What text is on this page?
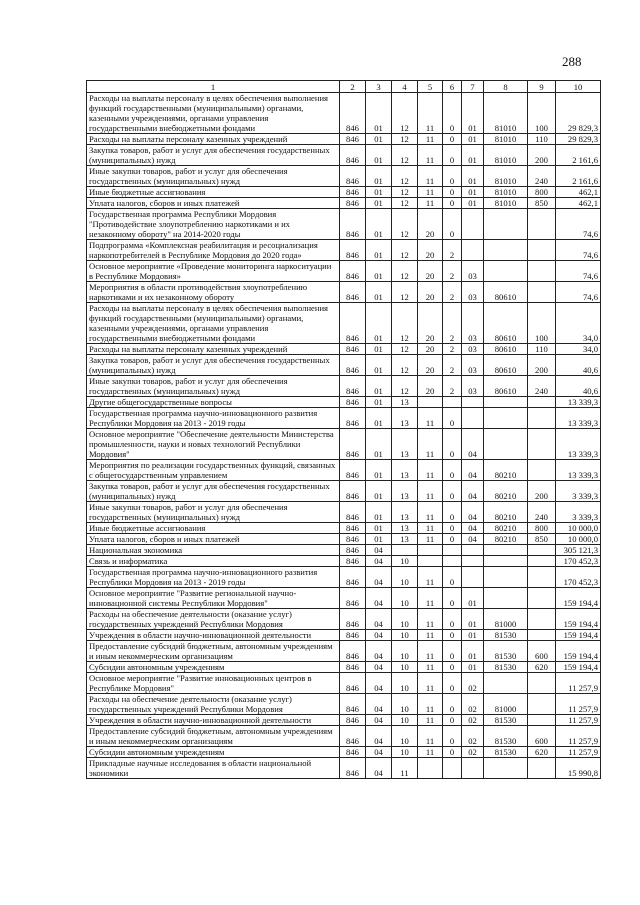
288
1	2	3	4	5	6	7	8	9	10
Расходы на выплаты персоналу в целях обеспечения выполнения функций государственными (муниципальными) органами, казенными учреждениями, органами управления государственными внебюджетными фондами	846	01	12	11	0	01	81010	100	29 829,3
Расходы на выплаты персоналу казенных учреждений	846	01	12	11	0	01	81010	110	29 829,3
Закупка товаров, работ и услуг для обеспечения государственных (муниципальных) нужд	846	01	12	11	0	01	81010	200	2 161,6
Иные закупки товаров, работ и услуг для обеспечения государственных (муниципальных) нужд	846	01	12	11	0	01	81010	240	2 161,6
Иные бюджетные ассигнования	846	01	12	11	0	01	81010	800	462,1
Уплата налогов, сборов и иных платежей	846	01	12	11	0	01	81010	850	462,1
Государственная программа Республики Мордовия "Противодействие злоупотреблению наркотиками и их незаконному обороту" на 2014-2020 годы	846	01	12	20	0				74,6
Подпрограмма «Комплексная реабилитация и ресоциализация наркопотребителей в Республике Мордовия до 2020 года»	846	01	12	20	2				74,6
Основное мероприятие «Проведение мониторинга наркоситуации в Республике Мордовия»	846	01	12	20	2	03			74,6
Мероприятия в области противодействия злоупотреблению наркотиками и их незаконному обороту	846	01	12	20	2	03	80610		74,6
Расходы на выплаты персоналу в целях обеспечения выполнения функций государственными (муниципальными) органами, казенными учреждениями, органами управления государственными внебюджетными фондами	846	01	12	20	2	03	80610	100	34,0
Расходы на выплаты персоналу казенных учреждений	846	01	12	20	2	03	80610	110	34,0
Закупка товаров, работ и услуг для обеспечения государственных (муниципальных) нужд	846	01	12	20	2	03	80610	200	40,6
Иные закупки товаров, работ и услуг для обеспечения государственных (муниципальных) нужд	846	01	12	20	2	03	80610	240	40,6
Другие общегосударственные вопросы	846	01	13						13 339,3
Государственная программа научно-инновационного развития Республики Мордовия на 2013 - 2019 годы	846	01	13	11	0				13 339,3
Основное мероприятие "Обеспечение деятельности Министерства промышленности, науки и новых технологий Республики Мордовия"	846	01	13	11	0	04			13 339,3
Мероприятия по реализации государственных функций, связанных с общегосударственным управлением	846	01	13	11	0	04	80210		13 339,3
Закупка товаров, работ и услуг для обеспечения государственных (муниципальных) нужд	846	01	13	11	0	04	80210	200	3 339,3
Иные закупки товаров, работ и услуг для обеспечения государственных (муниципальных) нужд	846	01	13	11	0	04	80210	240	3 339,3
Иные бюджетные ассигнования	846	01	13	11	0	04	80210	800	10 000,0
Уплата налогов, сборов и иных платежей	846	01	13	11	0	04	80210	850	10 000,0
Национальная экономика	846	04							305 121,3
Связь и информатика	846	04	10						170 452,3
Государственная программа научно-инновационного развития Республики Мордовия на 2013 - 2019 годы	846	04	10	11	0				170 452,3
Основное мероприятие "Развитие региональной научно-инновационной системы Республики Мордовия"	846	04	10	11	0	01			159 194,4
Расходы на обеспечение деятельности (оказание услуг) государственных учреждений Республики Мордовия	846	04	10	11	0	01	81000		159 194,4
Учреждения в области научно-инновационной деятельности	846	04	10	11	0	01	81530		159 194,4
Предоставление субсидий бюджетным, автономным учреждениям и иным некоммерческим организациям	846	04	10	11	0	01	81530	600	159 194,4
Субсидии автономным учреждениям	846	04	10	11	0	01	81530	620	159 194,4
Основное мероприятие "Развитие инновационных центров в Республике Мордовия"	846	04	10	11	0	02			11 257,9
Расходы на обеспечение деятельности (оказание услуг) государственных учреждений Республики Мордовия	846	04	10	11	0	02	81000		11 257,9
Учреждения в области научно-инновационной деятельности	846	04	10	11	0	02	81530		11 257,9
Предоставление субсидий бюджетным, автономным учреждениям и иным некоммерческим организациям	846	04	10	11	0	02	81530	600	11 257,9
Субсидии автономным учреждениям	846	04	10	11	0	02	81530	620	11 257,9
Прикладные научные исследования в области национальной экономики	846	04	11						15 990,8
